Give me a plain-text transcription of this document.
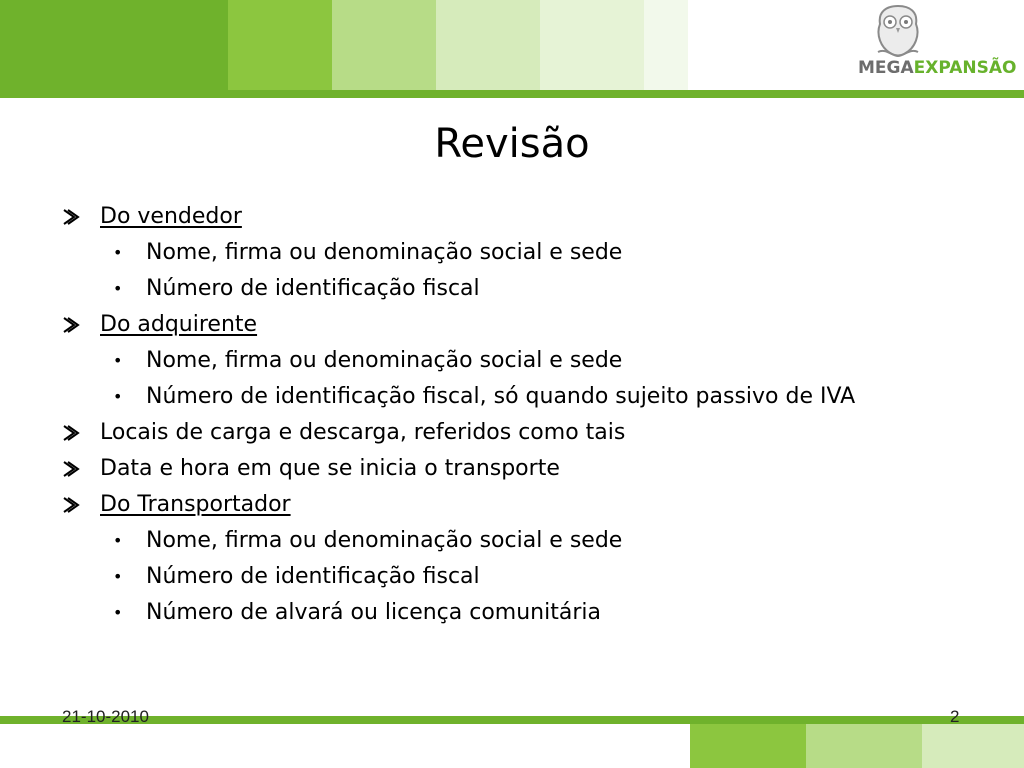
MEGAEXPANSÃO
Revisão
Do vendedor
• Nome, firma ou denominação social e sede
• Número de identificação fiscal
Do adquirente
• Nome, firma ou denominação social e sede
• Número de identificação fiscal, só quando sujeito passivo de IVA
Locais de carga e descarga, referidos como tais
Data e hora em que se inicia o transporte
Do Transportador
• Nome, firma ou denominação social e sede
• Número de identificação fiscal
• Número de alvará ou licença comunitária
21-10-2010	2
